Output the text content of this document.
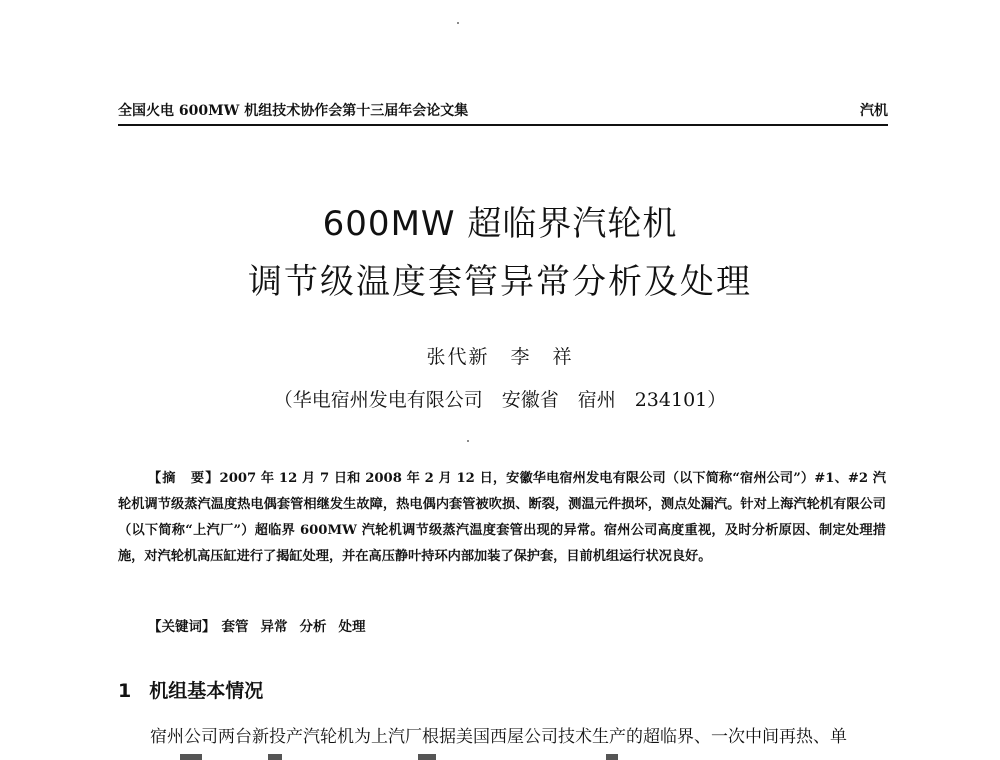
全国火电 600MW 机组技术协作会第十三届年会论文集	汽机
600MW 超临界汽轮机
调节级温度套管异常分析及处理
张代新　李　祥
（华电宿州发电有限公司　安徽省　宿州　234101）
【摘　要】2007 年 12 月 7 日和 2008 年 2 月 12 日，安徽华电宿州发电有限公司（以下简称“宿州公司”）#1、#2 汽轮机调节级蒸汽温度热电偶套管相继发生故障，热电偶内套管被吹损、断裂，测温元件损坏，测点处漏汽。针对上海汽轮机有限公司（以下简称“上汽厂”）超临界 600MW 汽轮机调节级蒸汽温度套管出现的异常。宿州公司高度重视，及时分析原因、制定处理措施，对汽轮机高压缸进行了揭缸处理，并在高压静叶持环内部加装了保护套，目前机组运行状况良好。
【关键词】 套管 异常 分析 处理
1 机组基本情况
宿州公司两台新投产汽轮机为上汽厂根据美国西屋公司技术生产的超临界、一次中间再热、单
